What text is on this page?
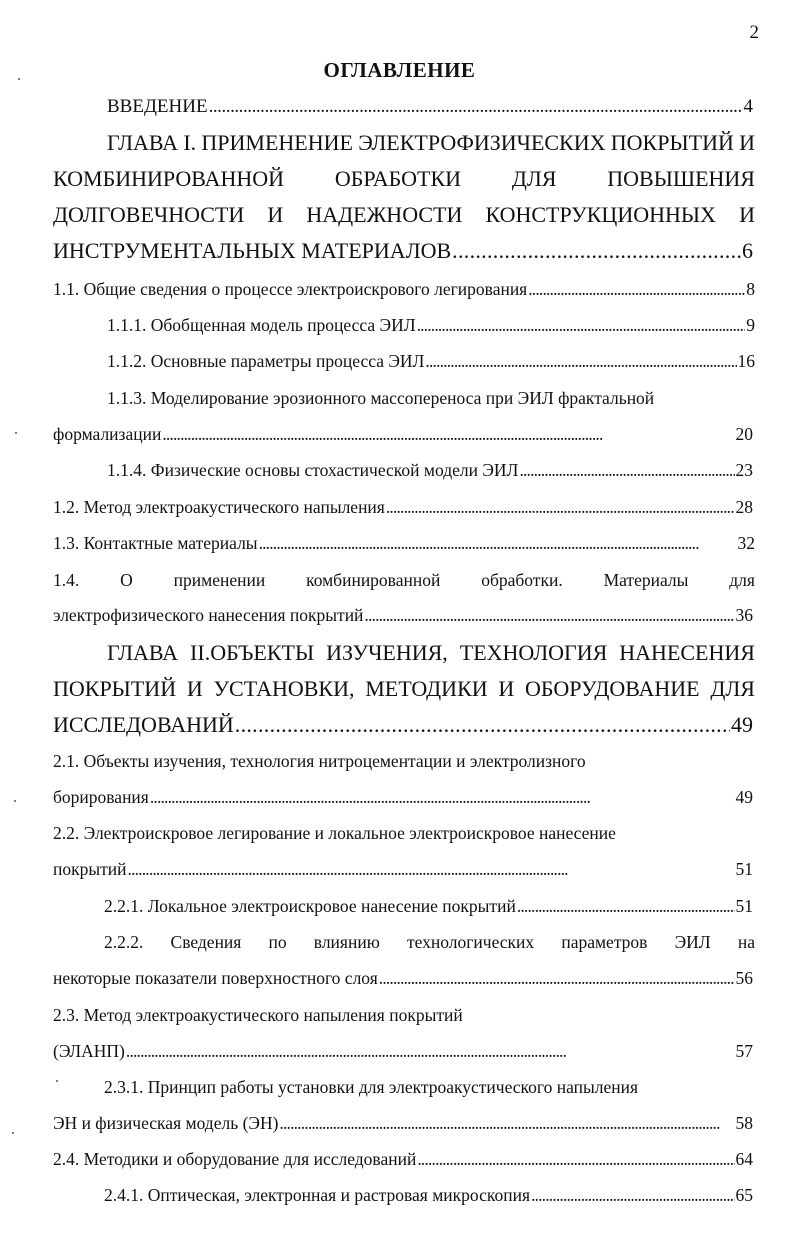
2
ОГЛАВЛЕНИЕ
ВВЕДЕНИЕ . . .	4
ГЛАВА I. ПРИМЕНЕНИЕ ЭЛЕКТРОФИЗИЧЕСКИХ ПОКРЫТИЙ И
КОМБИНИРОВАННОЙ ОБРАБОТКИ ДЛЯ ПОВЫШЕНИЯ
ДОЛГОВЕЧНОСТИ И НАДЕЖНОСТИ КОНСТРУКЦИОННЫХ И
ИНСТРУМЕНТАЛЬНЫХ МАТЕРИАЛОВ . . .	6
1.1. Общие сведения о процессе электроискрового легирования . . .	8
1.1.1. Обобщенная модель процесса ЭИЛ . . .	9
1.1.2. Основные параметры процесса ЭИЛ . . .	16
1.1.3. Моделирование эрозионного массопереноса при ЭИЛ фрактальной
формализации . . .	20
1.1.4. Физические основы стохастической модели ЭИЛ . . .	23
1.2. Метод электроакустического напыления . . .	28
1.3. Контактные материалы . . .	32
1.4. О применении комбинированной обработки. Материалы для
электрофизического нанесения покрытий . . .	36
ГЛАВА II.ОБЪЕКТЫ ИЗУЧЕНИЯ, ТЕХНОЛОГИЯ НАНЕСЕНИЯ
ПОКРЫТИЙ И УСТАНОВКИ, МЕТОДИКИ И ОБОРУДОВАНИЕ ДЛЯ
ИССЛЕДОВАНИЙ . . .	49
2.1. Объекты изучения, технология нитроцементации и электролизного
борирования . . .	49
2.2. Электроискровое легирование и локальное электроискровое нанесение
покрытий . . .	51
2.2.1. Локальное электроискровое нанесение покрытий . . .	51
2.2.2. Сведения по влиянию технологических параметров ЭИЛ на
некоторые показатели поверхностного слоя . . .	56
2.3. Метод электроакустического напыления покрытий
(ЭЛАНП) . . .	57
2.3.1. Принцип работы установки для электроакустического напыления
ЭН и физическая модель (ЭН) . . .	58
2.4. Методики и оборудование для исследований . . .	64
2.4.1. Оптическая, электронная и растровая микроскопия . . .	65
